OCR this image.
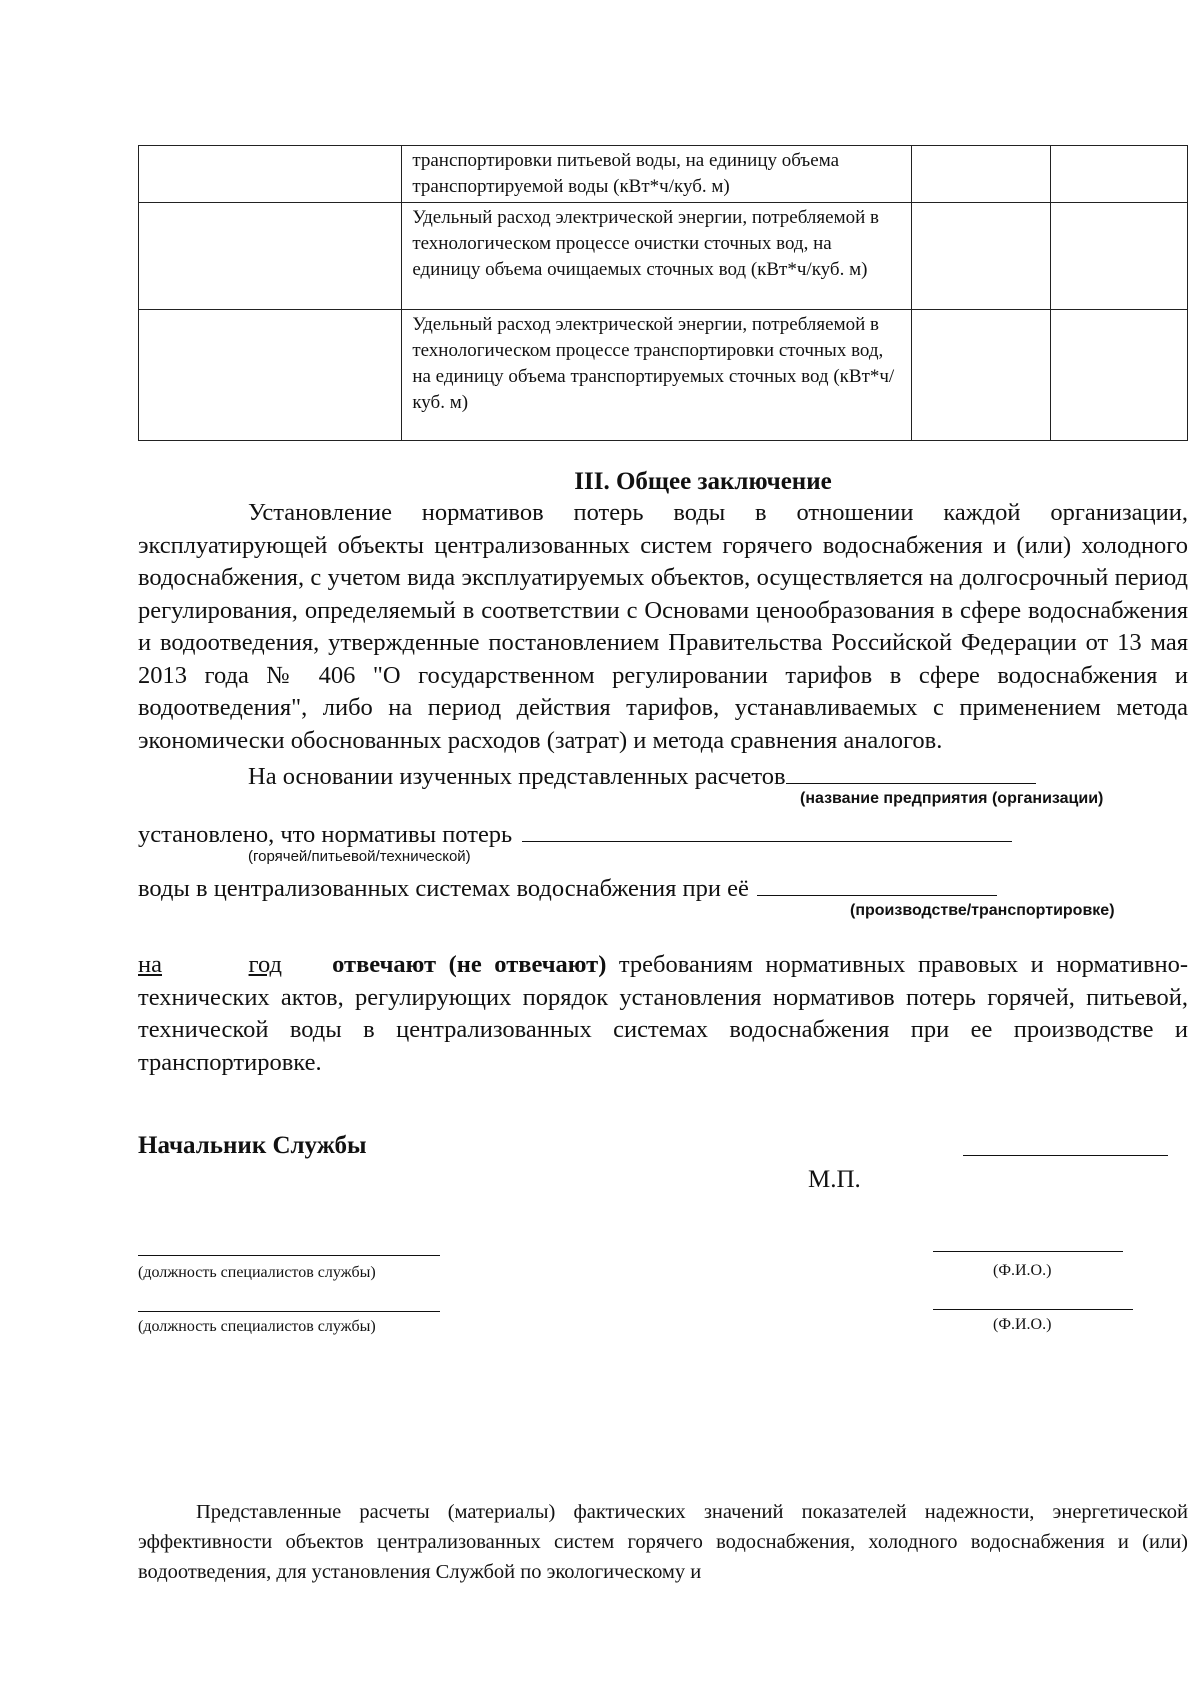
	транспортировки питьевой воды, на единицу объема транспортируемой воды (кВт*ч/куб. м)		
	Удельный расход электрической энергии, потребляемой в технологическом процессе очистки сточных вод, на единицу объема очищаемых сточных вод (кВт*ч/куб. м)		
	Удельный расход электрической энергии, потребляемой в технологическом процессе транспортировки сточных вод, на единицу объема транспортируемых сточных вод (кВт*ч/куб. м)		
III. Общее заключение

Установление нормативов потерь воды в отношении каждой организации, эксплуатирующей объекты централизованных систем горячего водоснабжения и (или) холодного водоснабжения, с учетом вида эксплуатируемых объектов, осуществляется на долгосрочный период регулирования, определяемый в соответствии с Основами ценообразования в сфере водоснабжения и водоотведения, утвержденные постановлением Правительства Российской Федерации от 13 мая 2013 года № 406 "О государственном регулировании тарифов в сфере водоснабжения и водоотведения", либо на период действия тарифов, устанавливаемых с применением метода экономически обоснованных расходов (затрат) и метода сравнения аналогов.

На основании изученных представленных расчетов
(название предприятия (организации)
установлено, что нормативы потерь
(горячей/питьевой/технической)
воды в централизованных системах водоснабжения при её
(производстве/транспортировке)

на	год отвечают (не отвечают) требованиям нормативных правовых и нормативно-технических актов, регулирующих порядок установления нормативов потерь горячей, питьевой, технической воды в централизованных системах водоснабжения при ее производстве и транспортировке.

Начальник Службы
М.П.
(должность специалистов службы)	(Ф.И.О.)
(должность специалистов службы)	(Ф.И.О.)

Представленные расчеты (материалы) фактических значений показателей надежности, энергетической эффективности объектов централизованных систем горячего водоснабжения, холодного водоснабжения и (или) водоотведения, для установления Службой по экологическому и
